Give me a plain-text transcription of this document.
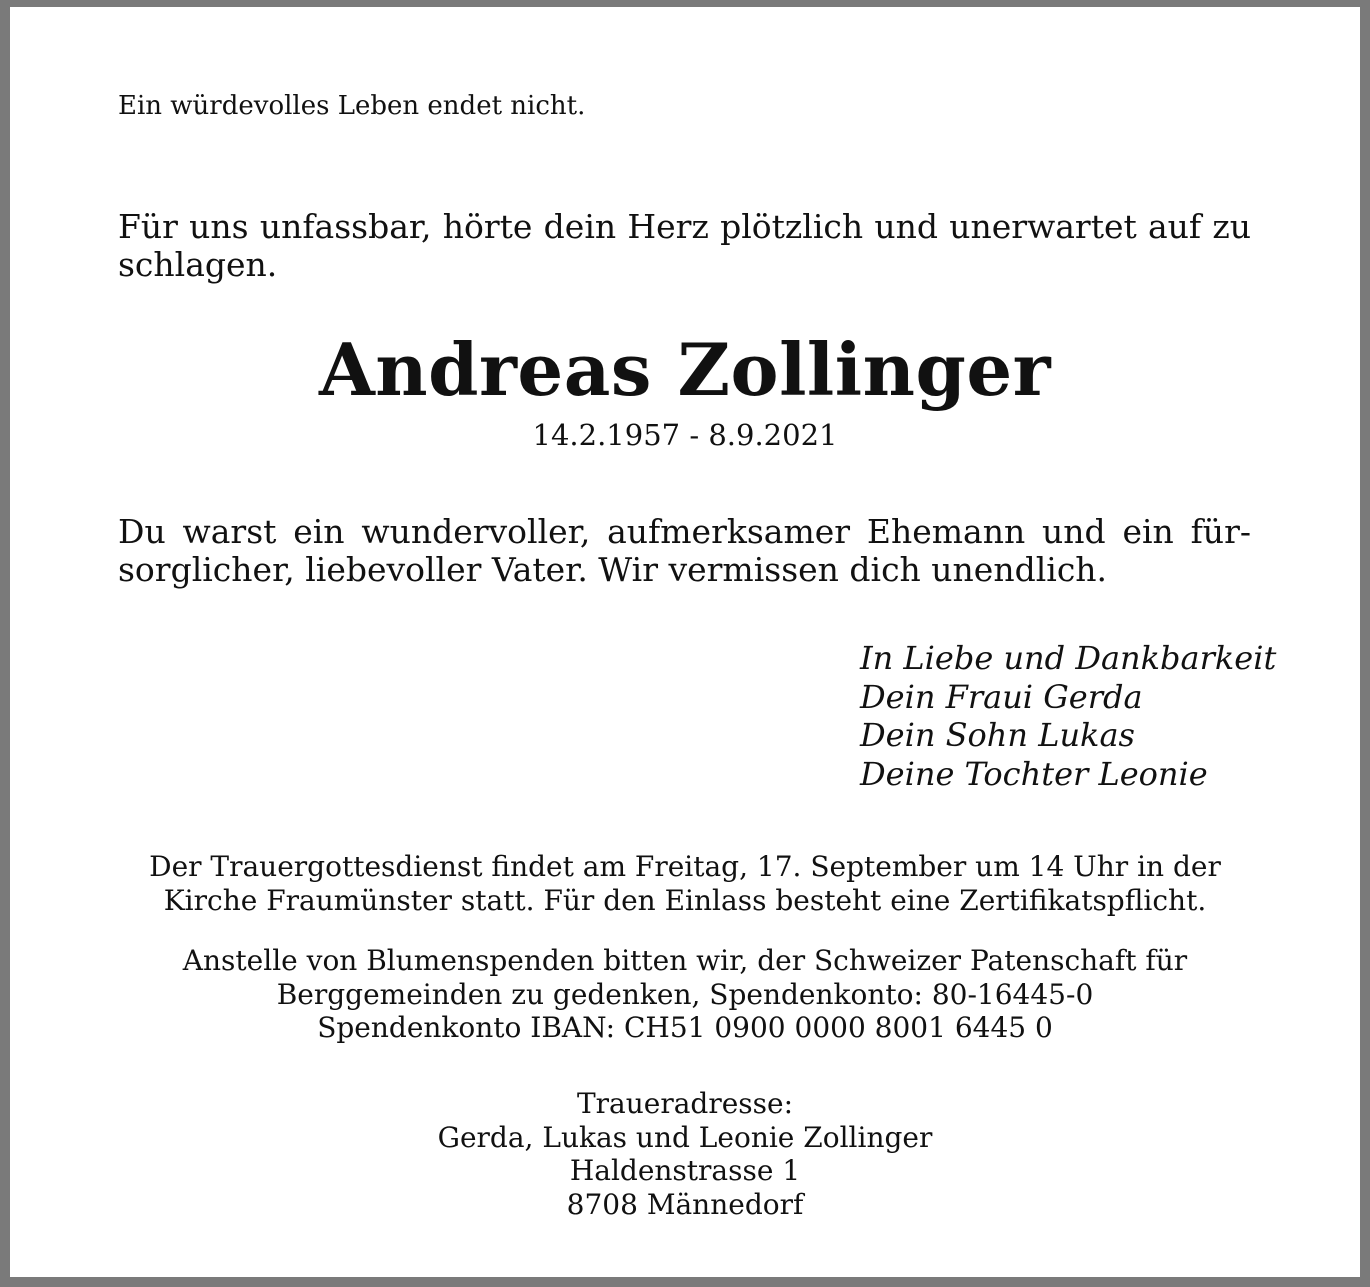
Ein würdevolles Leben endet nicht.

Für uns unfassbar, hörte dein Herz plötzlich und unerwartet auf zu schlagen.

Andreas Zollinger

14.2.1957 - 8.9.2021

Du warst ein wundervoller, aufmerksamer Ehemann und ein fürsorglicher, liebevoller Vater. Wir vermissen dich unendlich.

In Liebe und Dankbarkeit
Dein Fraui Gerda
Dein Sohn Lukas
Deine Tochter Leonie
Der Trauergottesdienst findet am Freitag, 17. September um 14 Uhr in der
Kirche Fraumünster statt. Für den Einlass besteht eine Zertifikatspflicht.
Anstelle von Blumenspenden bitten wir, der Schweizer Patenschaft für
Berggemeinden zu gedenken, Spendenkonto: 80-16445-0
Spendenkonto IBAN: CH51 0900 0000 8001 6445 0
Traueradresse:
Gerda, Lukas und Leonie Zollinger
Haldenstrasse 1
8708 Männedorf
